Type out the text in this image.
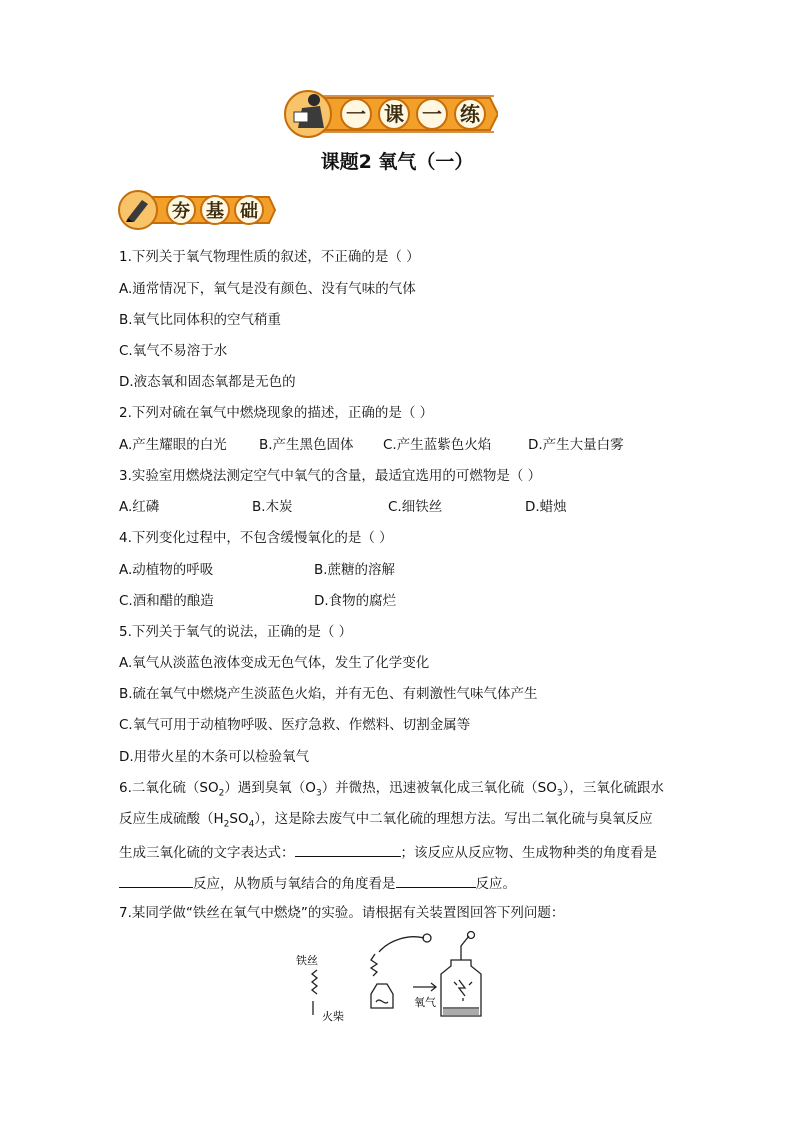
一 课 一 练
课题2 氧气（一）
夯 基 础
1.下列关于氧气物理性质的叙述，不正确的是（ ）
A.通常情况下，氧气是没有颜色、没有气味的气体
B.氧气比同体积的空气稍重
C.氧气不易溶于水
D.液态氧和固态氧都是无色的
2.下列对硫在氧气中燃烧现象的描述，正确的是（ ）
A.产生耀眼的白光 B.产生黑色固体 C.产生蓝紫色火焰	D.产生大量白雾
3.实验室用燃烧法测定空气中氧气的含量，最适宜选用的可燃物是（ ）
A.红磷	B.木炭	C.细铁丝	D.蜡烛
4.下列变化过程中，不包含缓慢氧化的是（ ）
A.动植物的呼吸	B.蔗糖的溶解
C.酒和醋的酿造	D.食物的腐烂
5.下列关于氧气的说法，正确的是（ ）
A.氧气从淡蓝色液体变成无色气体，发生了化学变化
B.硫在氧气中燃烧产生淡蓝色火焰，并有无色、有刺激性气味气体产生
C.氧气可用于动植物呼吸、医疗急救、作燃料、切割金属等
D.用带火星的木条可以检验氧气
6.二氧化硫$(SO_2)$遇到臭氧$(O_3)$并微热，迅速被氧化成三氧化硫$(SO_3)$，三氧化硫跟水
反应生成硫酸$(H_2SO_4)$，这是除去废气中二氧化硫的理想方法。写出二氧化硫与臭氧反应
生成三氧化硫的文字表达式：	；该反应从反应物、生成物种类的角度看是
反应，从物质与氧结合的角度看是	反应。
7.某同学做“铁丝在氧气中燃烧”的实验。请根据有关装置图回答下列问题：
铁丝
火柴
氧气
